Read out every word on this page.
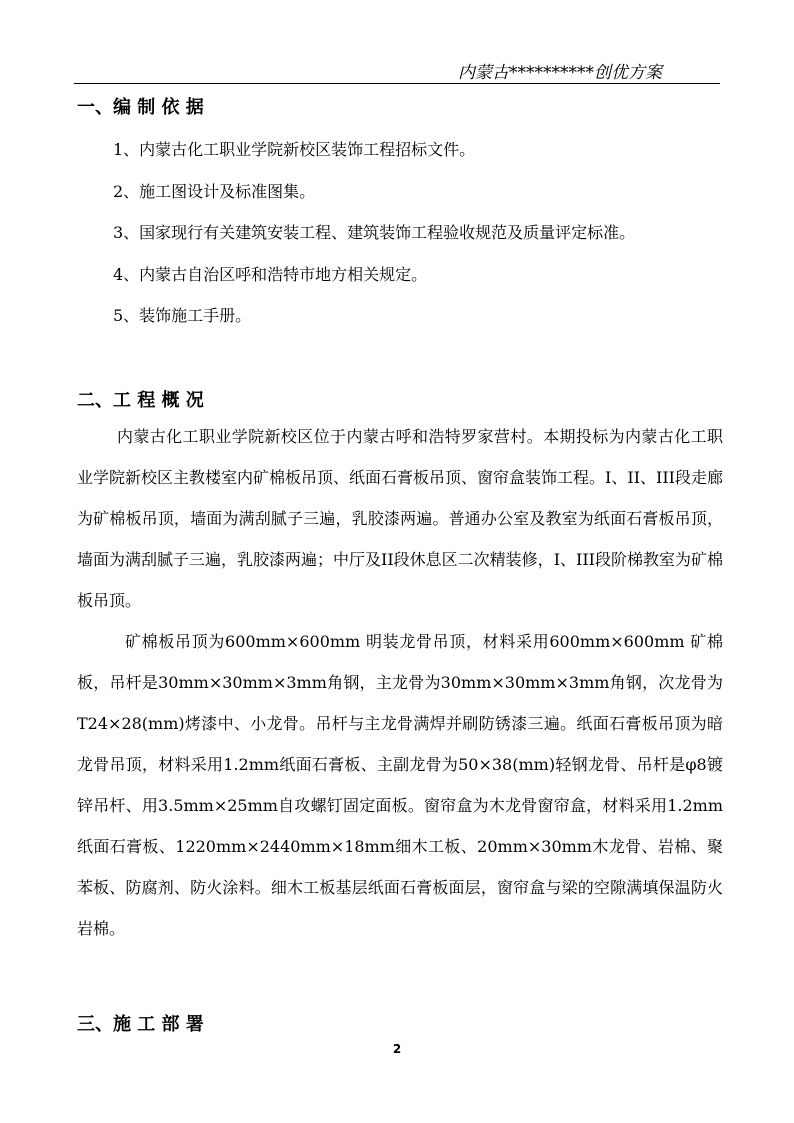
内蒙古**********创优方案
一、编 制 依 据
1、内蒙古化工职业学院新校区装饰工程招标文件。
2、施工图设计及标准图集。
3、国家现行有关建筑安装工程、建筑装饰工程验收规范及质量评定标准。
4、内蒙古自治区呼和浩特市地方相关规定。
5、装饰施工手册。
二、工 程 概 况

内蒙古化工职业学院新校区位于内蒙古呼和浩特罗家营村。本期投标为内蒙古化工职业学院新校区主教楼室内矿棉板吊顶、纸面石膏板吊顶、窗帘盒装饰工程。I、II、III段走廊为矿棉板吊顶，墙面为满刮腻子三遍，乳胶漆两遍。普通办公室及教室为纸面石膏板吊顶，墙面为满刮腻子三遍，乳胶漆两遍；中厅及II段休息区二次精装修，I、III段阶梯教室为矿棉板吊顶。

矿棉板吊顶为600mm×600mm 明装龙骨吊顶，材料采用600mm×600mm 矿棉板，吊杆是30mm×30mm×3mm角钢，主龙骨为30mm×30mm×3mm角钢，次龙骨为T24×28(mm)烤漆中、小龙骨。吊杆与主龙骨满焊并刷防锈漆三遍。纸面石膏板吊顶为暗龙骨吊顶，材料采用1.2mm纸面石膏板、主副龙骨为50×38(mm)轻钢龙骨、吊杆是φ8镀锌吊杆、用3.5mm×25mm自攻螺钉固定面板。窗帘盒为木龙骨窗帘盒，材料采用1.2mm纸面石膏板、1220mm×2440mm×18mm细木工板、20mm×30mm木龙骨、岩棉、聚苯板、防腐剂、防火涂料。细木工板基层纸面石膏板面层，窗帘盒与梁的空隙满填保温防火岩棉。

三、施 工 部 署
2
